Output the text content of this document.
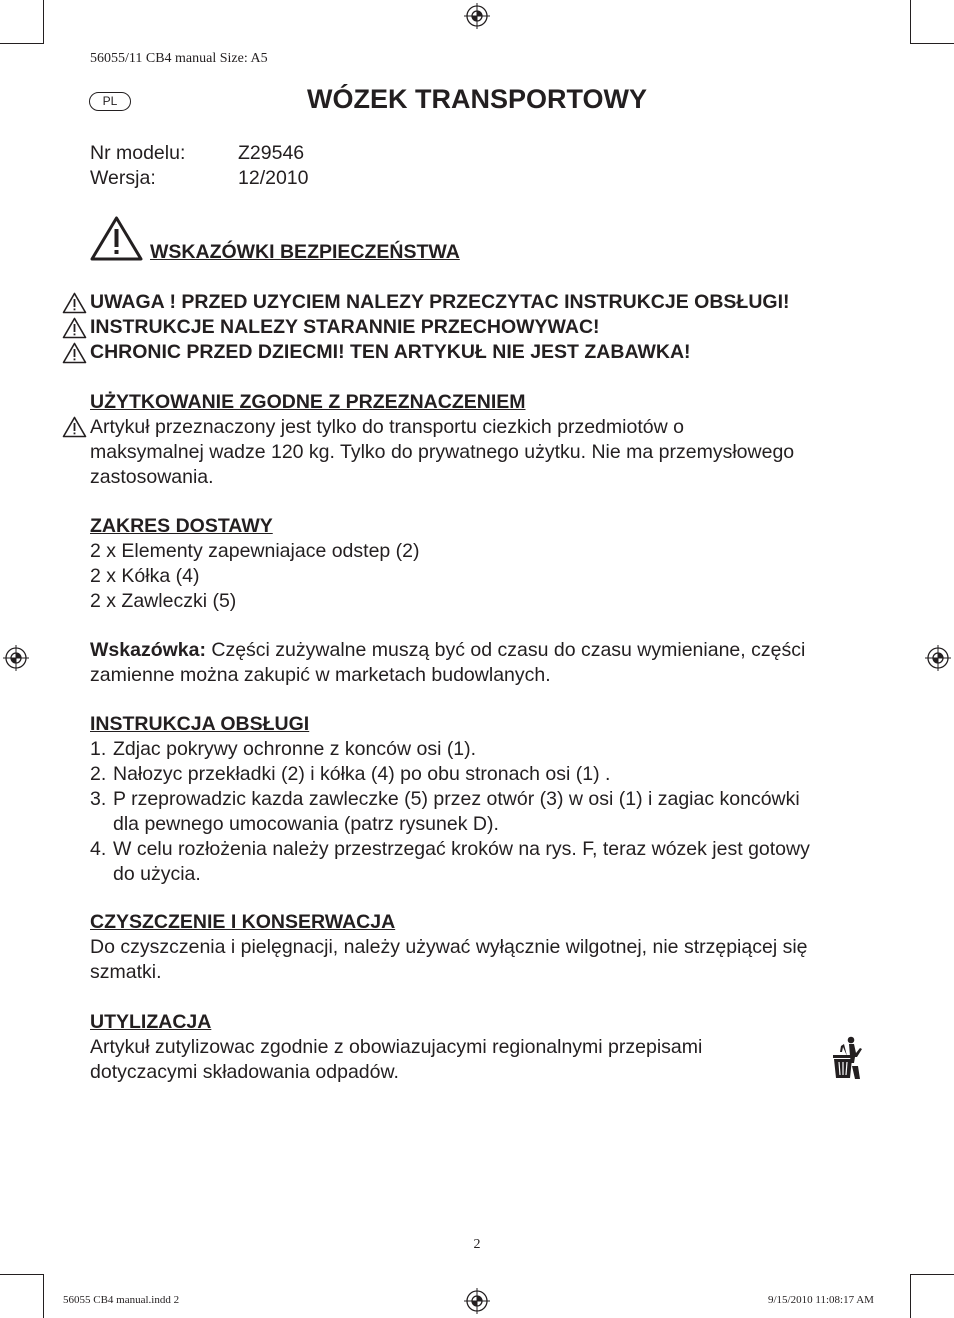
56055/11 CB4 manual Size: A5
PL	WÓZEK TRANSPORTOWY
Nr modelu:	Z29546
Wersja:	12/2010
WSKAZÓWKI BEZPIECZEŃSTWA
UWAGA ! PRZED UZYCIEM NALEZY PRZECZYTAC INSTRUKCJE OBSŁUGI!
INSTRUKCJE NALEZY STARANNIE PRZECHOWYWAC!
CHRONIC PRZED DZIECMI! TEN ARTYKUŁ NIE JEST ZABAWKA!
UŻYTKOWANIE ZGODNE Z PRZEZNACZENIEM
Artykuł przeznaczony jest tylko do transportu ciezkich przedmiotów o
maksymalnej wadze 120 kg. Tylko do prywatnego użytku. Nie ma przemysłowego
zastosowania.
ZAKRES DOSTAWY
2 x Elementy zapewniajace odstep (2)
2 x Kółka (4)
2 x Zawleczki (5)
Wskazówka: Części zużywalne muszą być od czasu do czasu wymieniane, części
zamienne można zakupić w marketach budowlanych.
INSTRUKCJA OBSŁUGI
1. Zdjac pokrywy ochronne z konców osi (1).
2. Nałozyc przekładki (2) i kółka (4) po obu stronach osi (1) .
3. P rzeprowadzic kazda zawleczke (5) przez otwór (3) w osi (1) i zagiac koncówki
dla pewnego umocowania (patrz rysunek D).
4. W celu rozłożenia należy przestrzegać kroków na rys. F, teraz wózek jest gotowy
do użycia.
CZYSZCZENIE I KONSERWACJA
Do czyszczenia i pielęgnacji, należy używać wyłącznie wilgotnej, nie strzępiącej się
szmatki.
UTYLIZACJA
Artykuł zutylizowac zgodnie z obowiazujacymi regionalnymi przepisami
dotyczacymi składowania odpadów.
2
56055 CB4 manual.indd 2	9/15/2010 11:08:17 AM
